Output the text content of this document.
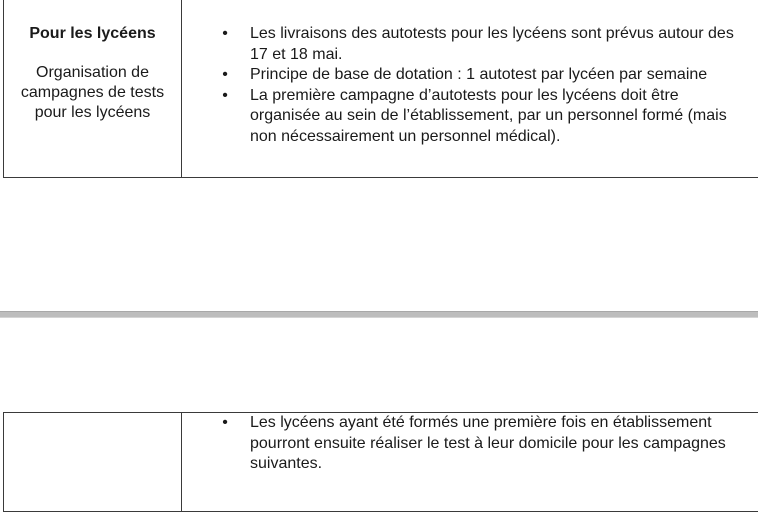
Pour les lycéens
Organisation de campagnes de tests pour les lycéens
• Les livraisons des autotests pour les lycéens sont prévus autour des 17 et 18 mai.
• Principe de base de dotation : 1 autotest par lycéen par semaine
• La première campagne d’autotests pour les lycéens doit être organisée au sein de l’établissement, par un personnel formé (mais non nécessairement un personnel médical).
• Les lycéens ayant été formés une première fois en établissement pourront ensuite réaliser le test à leur domicile pour les campagnes suivantes.
